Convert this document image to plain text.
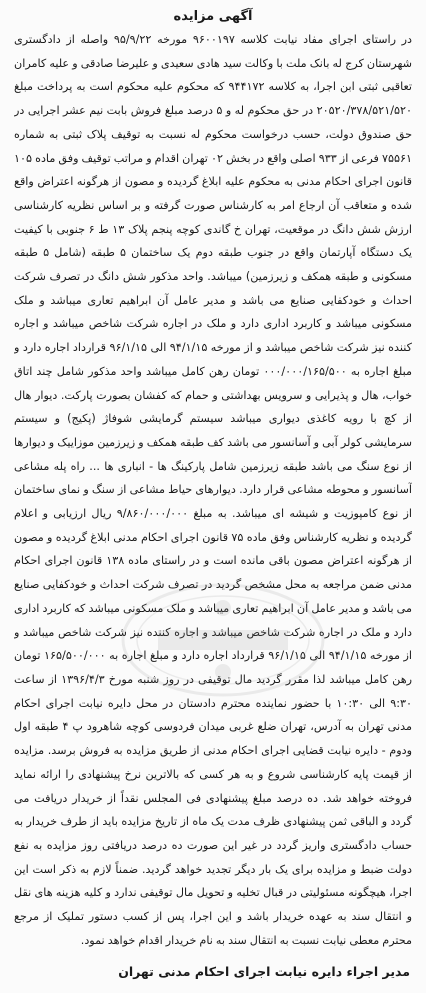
آگهی مزایده

در راستای اجرای مفاد نیابت کلاسه ۹۶۰۰۱۹۷ مورخه ۹۵/۹/۲۲ واصله از دادگستری شهرستان کرج له بانک ملت با وکالت سید هادی سعیدی و علیرضا صادقی و علیه کامران تعاقبی ثبتی ابن اجرا، به کلاسه ۹۴۴۱۷۲ که محکوم علیه محکوم است به پرداخت مبلغ ۲۰۵۲۰/۳۷۸/۵۲۱/۵۲۰ در حق محکوم له و ۵ درصد مبلغ فروش بابت نیم عشر اجرایی در حق صندوق دولت، حسب درخواست محکوم له نسبت به توقیف پلاک ثبتی به شماره ۷۵۵۶۱ فرعی از ۹۳۳ اصلی واقع در بخش ۰۲ تهران اقدام و مراتب توقیف وفق ماده ۱۰۵ قانون اجرای احکام مدنی به محکوم علیه ابلاغ گردیده و مصون از هرگونه اعتراض واقع شده و متعاقب آن ارجاع امر به کارشناس صورت گرفته و بر اساس نظریه کارشناسی ارزش شش دانگ در موقعیت، تهران خ گاندی کوچه پنجم پلاک ۱۳ ط ۶ جنوبی با کیفیت یک دستگاه آپارتمان واقع در جنوب طبقه دوم یک ساختمان ۵ طبقه (شامل ۵ طبقه مسکونی و طبقه همکف و زیرزمین) میباشد. واحد مذکور شش دانگ در تصرف شرکت احداث و خودکفایی صنایع می باشد و مدیر عامل آن ابراهیم تعاری میباشد و ملک مسکونی میباشد و کاربرد اداری دارد و ملک در اجاره شرکت شاخص میباشد و اجاره کننده نیز شرکت شاخص میباشد و از مورخه ۹۴/۱/۱۵ الی ۹۶/۱/۱۵ قرارداد اجاره دارد و مبلغ اجاره به ۰۰۰/۰۰۰/۱۶۵/۵۰۰ تومان رهن کامل میباشد واحد مذکور شامل چند اتاق خواب، هال و پذیرایی و سرویس بهداشتی و حمام که کفشان بصورت پارکت. دیوار هال از کچ با رویه کاغذی دیواری میباشد سیستم گرمایشی شوفاژ (پکیج) و سیستم سرمایشی کولر آبی و آسانسور می باشد کف طبقه همکف و زیرزمین موزاییک و دیوارها از نوع سنگ می باشد طبقه زیرزمین شامل پارکینگ ها - انباری ها ... راه پله مشاعی آسانسور و محوطه مشاعی قرار دارد. دیوارهای حیاط مشاعی از سنگ و نمای ساختمان از نوع کامپوزیت و شیشه ای میباشد. به مبلغ ۹/۸۶۰/۰۰۰/۰۰۰ ریال ارزیابی و اعلام گردیده و نظریه کارشناس وفق ماده ۷۵ قانون اجرای احکام مدنی ابلاغ گردیده و مصون از هرگونه اعتراض مصون باقی مانده است و در راستای ماده ۱۳۸ قانون اجرای احکام مدنی ضمن مراجعه به محل مشخص گردید در تصرف شرکت احداث و خودکفایی صنایع می باشد و مدیر عامل آن ابراهیم تعاری میباشد و ملک مسکونی میباشد که کاربرد اداری دارد و ملک در اجاره شرکت شاخص میباشد و اجاره کننده نیز شرکت شاخص میباشد و از مورخه ۹۴/۱/۱۵ الی ۹۶/۱/۱۵ قرارداد اجاره دارد و مبلغ اجاره به ۱۶۵/۵۰۰/۰۰۰ تومان رهن کامل میباشد لذا مقرر گردید مال توقیفی در روز شنبه مورخ ۱۳۹۶/۴/۳ از ساعت ۹:۳۰ الی ۱۰:۳۰ با حضور نماینده محترم دادستان در محل دایره نیابت اجرای احکام مدنی تهران به آدرس، تهران ضلع غربی میدان فردوسی کوچه شاهرود پ ۴ طبقه اول ودوم - دایره نیابت قضایی اجرای احکام مدنی از طریق مزایده به فروش برسد. مزایده از قیمت پایه کارشناسی شروع و به هر کسی که بالاترین نرخ پیشنهادی را ارائه نماید فروخته خواهد شد. ده درصد مبلغ پیشنهادی فی المجلس نقداً از خریدار دریافت می گردد و الباقی ثمن پیشنهادی ظرف مدت یک ماه از تاریخ مزایده باید از طرف خریدار به حساب دادگستری واریز گردد در غیر این صورت ده درصد دریافتی روز مزایده به نفع دولت ضبط و مزایده برای یک بار دیگر تجدید خواهد گردید. ضمناً لازم به ذکر است این اجرا، هیچگونه مسئولیتی در قبال تخلیه و تحویل مال توقیفی ندارد و کلیه هزینه های نقل و انتقال سند به عهده خریدار باشد و این اجرا، پس از کسب دستور تملیک از مرجع محترم معطی نیابت نسبت به انتقال سند به نام خریدار اقدام خواهد نمود.

مدیر اجراء دایره نیابت اجرای احکام مدنی تهران
